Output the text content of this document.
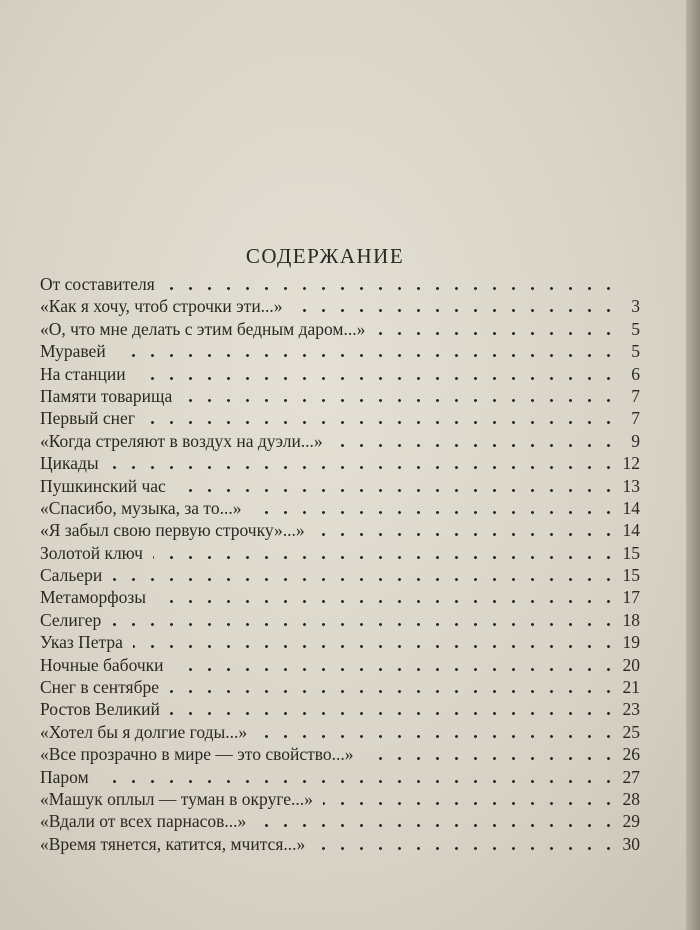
СОДЕРЖАНИЕ
От составителя
«Как я хочу, чтоб строчки эти...»	3
«О, что мне делать с этим бедным даром...»	5
Муравей	5
На станции	6
Памяти товарища	7
Первый снег	7
«Когда стреляют в воздух на дуэли...»	9
Цикады	12
Пушкинский час	13
«Спасибо, музыка, за то...»	14
«Я забыл свою первую строчку»...»	14
Золотой ключ	15
Сальери	15
Метаморфозы	17
Селигер	18
Указ Петра	19
Ночные бабочки	20
Снег в сентябре	21
Ростов Великий	23
«Хотел бы я долгие годы...»	25
«Все прозрачно в мире — это свойство...»	26
Паром	27
«Машук оплыл — туман в округе...»	28
«Вдали от всех парнасов...»	29
«Время тянется, катится, мчится...»	30
